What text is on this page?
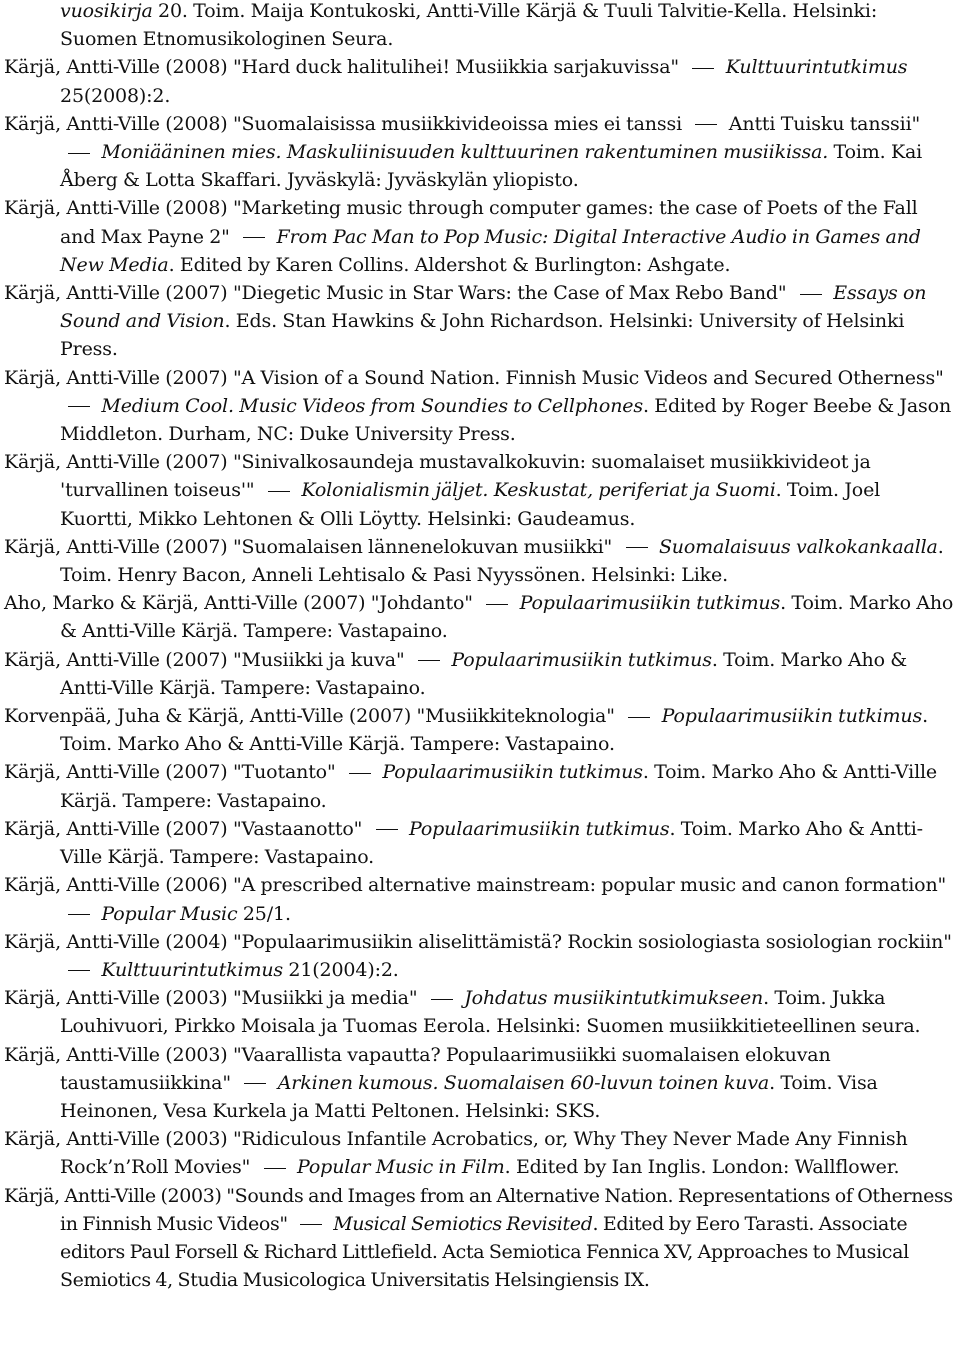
vuosikirja 20. Toim. Maija Kontukoski, Antti-Ville Kärjä & Tuuli Talvitie-Kella. Helsinki: Suomen Etnomusikologinen Seura.

Kärjä, Antti-Ville (2008) "Hard duck halitulihei! Musiikkia sarjakuvissa"  Kulttuurintutkimus 25(2008):2.

Kärjä, Antti-Ville (2008) "Suomalaisissa musiikkivideoissa mies ei tanssi  Antti Tuisku tanssii"  Moniääninen mies. Maskuliinisuuden kulttuurinen rakentuminen musiikissa. Toim. Kai Åberg & Lotta Skaffari. Jyväskylä: Jyväskylän yliopisto.

Kärjä, Antti-Ville (2008) "Marketing music through computer games: the case of Poets of the Fall and Max Payne 2"  From Pac Man to Pop Music: Digital Interactive Audio in Games and New Media. Edited by Karen Collins. Aldershot & Burlington: Ashgate.

Kärjä, Antti-Ville (2007) "Diegetic Music in Star Wars: the Case of Max Rebo Band"  Essays on Sound and Vision. Eds. Stan Hawkins & John Richardson. Helsinki: University of Helsinki Press.

Kärjä, Antti-Ville (2007) "A Vision of a Sound Nation. Finnish Music Videos and Secured Otherness"  Medium Cool. Music Videos from Soundies to Cellphones. Edited by Roger Beebe & Jason Middleton. Durham, NC: Duke University Press.

Kärjä, Antti-Ville (2007) "Sinivalkosaundeja mustavalkokuvin: suomalaiset musiikkivideot ja 'turvallinen toiseus'"  Kolonialismin jäljet. Keskustat, periferiat ja Suomi. Toim. Joel Kuortti, Mikko Lehtonen & Olli Löytty. Helsinki: Gaudeamus.

Kärjä, Antti-Ville (2007) "Suomalaisen lännenelokuvan musiikki"  Suomalaisuus valkokankaalla. Toim. Henry Bacon, Anneli Lehtisalo & Pasi Nyyssönen. Helsinki: Like.

Aho, Marko & Kärjä, Antti-Ville (2007) "Johdanto"  Populaarimusiikin tutkimus. Toim. Marko Aho & Antti-Ville Kärjä. Tampere: Vastapaino.

Kärjä, Antti-Ville (2007) "Musiikki ja kuva"  Populaarimusiikin tutkimus. Toim. Marko Aho & Antti-Ville Kärjä. Tampere: Vastapaino.

Korvenpää, Juha & Kärjä, Antti-Ville (2007) "Musiikkiteknologia"  Populaarimusiikin tutkimus. Toim. Marko Aho & Antti-Ville Kärjä. Tampere: Vastapaino.

Kärjä, Antti-Ville (2007) "Tuotanto"  Populaarimusiikin tutkimus. Toim. Marko Aho & Antti-Ville Kärjä. Tampere: Vastapaino.

Kärjä, Antti-Ville (2007) "Vastaanotto"  Populaarimusiikin tutkimus. Toim. Marko Aho & Antti-Ville Kärjä. Tampere: Vastapaino.

Kärjä, Antti-Ville (2006) "A prescribed alternative mainstream: popular music and canon formation"  Popular Music 25/1.

Kärjä, Antti-Ville (2004) "Populaarimusiikin aliselittämistä? Rockin sosiologiasta sosiologian rockiin"  Kulttuurintutkimus 21(2004):2.

Kärjä, Antti-Ville (2003) "Musiikki ja media"  Johdatus musiikintutkimukseen. Toim. Jukka Louhivuori, Pirkko Moisala ja Tuomas Eerola. Helsinki: Suomen musiikkitieteellinen seura.

Kärjä, Antti-Ville (2003) "Vaarallista vapautta? Populaarimusiikki suomalaisen elokuvan taustamusiikkina"  Arkinen kumous. Suomalaisen 60-luvun toinen kuva. Toim. Visa Heinonen, Vesa Kurkela ja Matti Peltonen. Helsinki: SKS.

Kärjä, Antti-Ville (2003) "Ridiculous Infantile Acrobatics, or, Why They Never Made Any Finnish Rock’n’Roll Movies"  Popular Music in Film. Edited by Ian Inglis. London: Wallflower.

Kärjä, Antti-Ville (2003) "Sounds and Images from an Alternative Nation. Representations of Otherness in Finnish Music Videos"  Musical Semiotics Revisited. Edited by Eero Tarasti. Associate editors Paul Forsell & Richard Littlefield. Acta Semiotica Fennica XV, Approaches to Musical Semiotics 4, Studia Musicologica Universitatis Helsingiensis IX.
